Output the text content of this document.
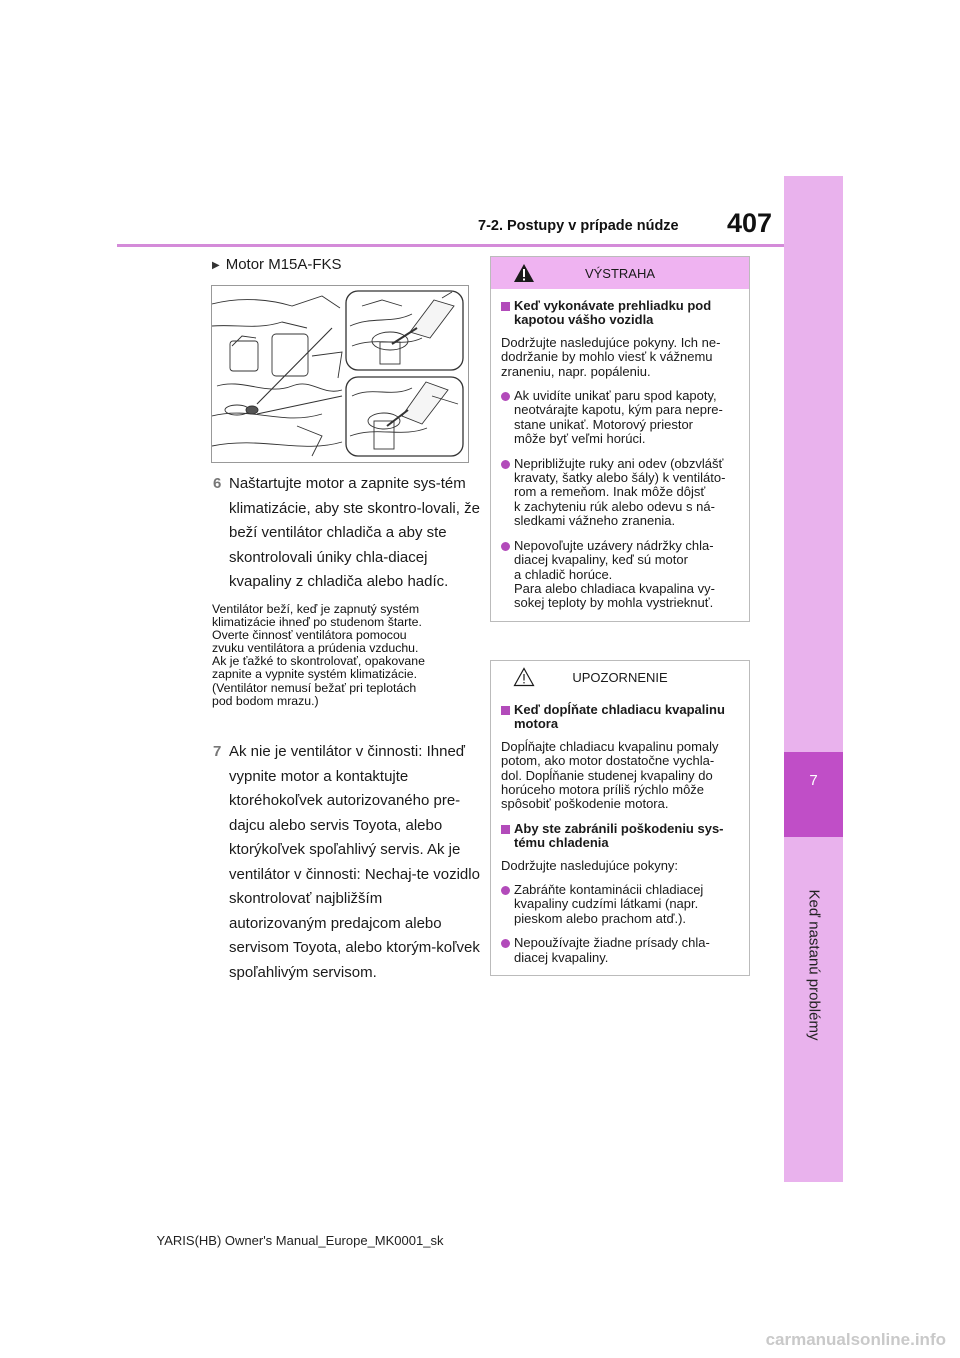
7
Keď nastanú problémy
7-2. Postupy v prípade núdze 407
▶ Motor M15A-FKS
6 Naštartujte motor a zapnite sys-tém klimatizácie, aby ste skontro-lovali, že beží ventilátor chladiča a aby ste skontrolovali úniky chla-diacej kvapaliny z chladiča alebo hadíc.
Ventilátor beží, keď je zapnutý systém
klimatizácie ihneď po studenom štarte.
Overte činnosť ventilátora pomocou
zvuku ventilátora a prúdenia vzduchu.
Ak je ťažké to skontrolovať, opakovane
zapnite a vypnite systém klimatizácie.
(Ventilátor nemusí bežať pri teplotách
pod bodom mrazu.)
7 Ak nie je ventilátor v činnosti: Ihneď vypnite motor a kontaktujte ktoréhokoľvek autorizovaného pre-dajcu alebo servis Toyota, alebo ktorýkoľvek spoľahlivý servis. Ak je ventilátor v činnosti: Nechaj-te vozidlo skontrolovať najbližším autorizovaným predajcom alebo servisom Toyota, alebo ktorým-koľvek spoľahlivým servisom.
VÝSTRAHA
Keď vykonávate prehliadku pod kapotou vášho vozidla
Dodržujte nasledujúce pokyny. Ich ne-
dodržanie by mohlo viesť k vážnemu
zraneniu, napr. popáleniu.
Ak uvidíte unikať paru spod kapoty,
neotvárajte kapotu, kým para nepre-
stane unikať. Motorový priestor
môže byť veľmi horúci.
Nepribližujte ruky ani odev (obzvlášť
kravaty, šatky alebo šály) k ventiláto-
rom a remeňom. Inak môže dôjsť
k zachyteniu rúk alebo odevu s ná-
sledkami vážneho zranenia.
Nepovoľujte uzávery nádržky chla-
diacej kvapaliny, keď sú motor
a chladič horúce.
Para alebo chladiaca kvapalina vy-
sokej teploty by mohla vystrieknuť.
UPOZORNENIE
Keď dopĺňate chladiacu kvapalinu motora
Dopĺňajte chladiacu kvapalinu pomaly
potom, ako motor dostatočne vychla-
dol. Dopĺňanie studenej kvapaliny do
horúceho motora príliš rýchlo môže
spôsobiť poškodenie motora.
Aby ste zabránili poškodeniu sys-
tému chladenia
Dodržujte nasledujúce pokyny:
Zabráňte kontaminácii chladiacej
kvapaliny cudzími látkami (napr.
pieskom alebo prachom atď.).
Nepoužívajte žiadne prísady chla-
diacej kvapaliny.
YARIS(HB) Owner's Manual_Europe_MK0001_sk
carmanualsonline.info
